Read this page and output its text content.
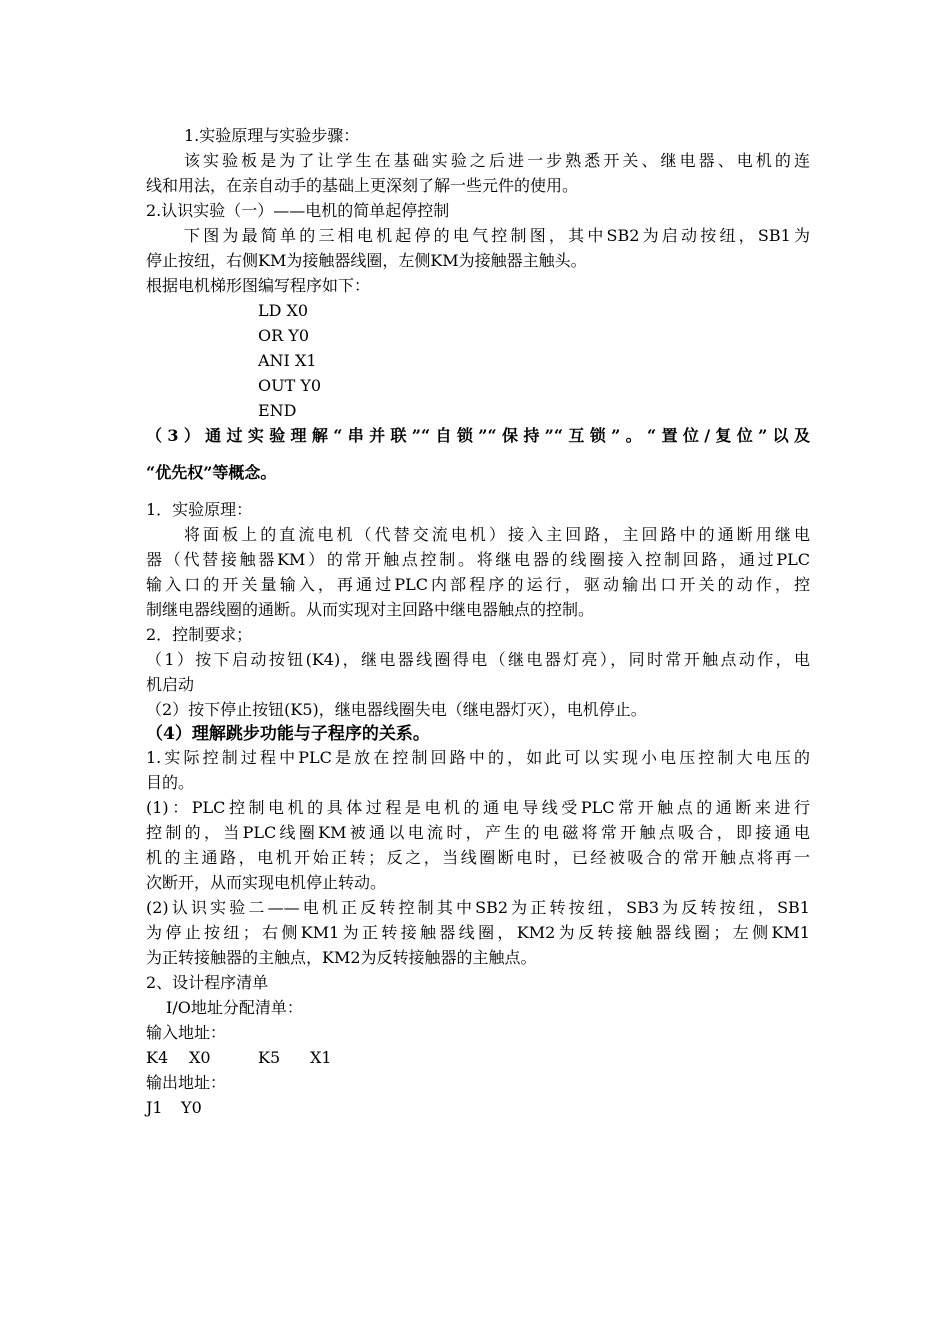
1.实验原理与实验步骤：
该实验板是为了让学生在基础实验之后进一步熟悉开关、继电器、电机的连
线和用法，在亲自动手的基础上更深刻了解一些元件的使用。
2.认识实验（一）——电机的简单起停控制
下图为最简单的三相电机起停的电气控制图，其中SB2为启动按纽，SB1为
停止按纽，右侧KM为接触器线圈，左侧KM为接触器主触头。
根据电机梯形图编写程序如下：
LD X0
OR Y0
ANI X1
OUT Y0
END
（3）通过实验理解“串并联”“自锁”“保持”“互锁”。“置位/复位”以及
“优先权”等概念。
1．实验原理：
将面板上的直流电机（代替交流电机）接入主回路，主回路中的通断用继电
器（代替接触器KM）的常开触点控制。将继电器的线圈接入控制回路，通过PLC
输入口的开关量输入，再通过PLC内部程序的运行，驱动输出口开关的动作，控
制继电器线圈的通断。从而实现对主回路中继电器触点的控制。
2．控制要求；
（1）按下启动按钮(K4)，继电器线圈得电（继电器灯亮），同时常开触点动作，电
机启动
（2）按下停止按钮(K5)，继电器线圈失电（继电器灯灭），电机停止。
（4）理解跳步功能与子程序的关系。
1.实际控制过程中PLC是放在控制回路中的，如此可以实现小电压控制大电压的
目的。
(1)：PLC控制电机的具体过程是电机的通电导线受PLC常开触点的通断来进行
控制的，当PLC线圈KM被通以电流时，产生的电磁将常开触点吸合，即接通电
机的主通路，电机开始正转；反之，当线圈断电时，已经被吸合的常开触点将再一
次断开，从而实现电机停止转动。
(2)认识实验二——电机正反转控制其中SB2为正转按纽，SB3为反转按纽，SB1
为停止按纽；右侧KM1为正转接触器线圈，KM2为反转接触器线圈；左侧KM1
为正转接触器的主触点，KM2为反转接触器的主触点。
2、设计程序清单
I/O地址分配清单：
输入地址：
K4 X0	K5 X1
输出地址：
J1 Y0
